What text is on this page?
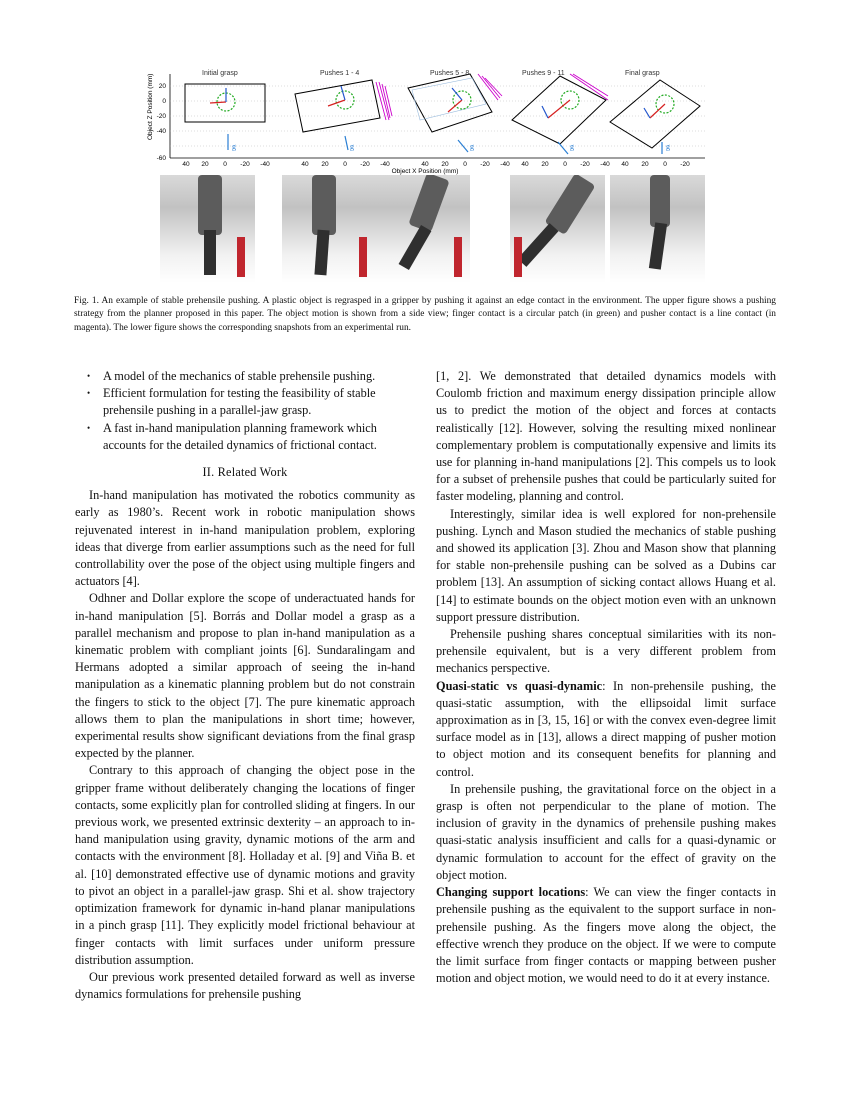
20
0
-20
-40
-60
Object Z Position (mm)
g	g	g	g	g
40 20 0 -20 -40	40 20 0 -20 -40	40 20 0 -20 -40 40 20 0 -20 -40 40 20 0 -20
Object X Position (mm)
Initial grasp	Pushes 1 - 4	Pushes 5 - 8	Pushes 9 - 11	Final grasp
Fig. 1. An example of stable prehensile pushing. A plastic object is regrasped in a gripper by pushing it against an edge contact in the environment. The upper figure shows a pushing strategy from the planner proposed in this paper. The object motion is shown from a side view; finger contact is a circular patch (in green) and pusher contact is a line contact (in magenta). The lower figure shows the corresponding snapshots from an experimental run.
• A model of the mechanics of stable prehensile pushing.
• Efficient formulation for testing the feasibility of stable prehensile pushing in a parallel-jaw grasp.
• A fast in-hand manipulation planning framework which accounts for the detailed dynamics of frictional contact.
II. Related Work

In-hand manipulation has motivated the robotics community as early as 1980’s. Recent work in robotic manipulation shows rejuvenated interest in in-hand manipulation problem, exploring ideas that diverge from earlier assumptions such as the need for full controllability over the pose of the object using multiple fingers and actuators [4].

Odhner and Dollar explore the scope of underactuated hands for in-hand manipulation [5]. Borrás and Dollar model a grasp as a parallel mechanism and propose to plan in-hand manipulation as a kinematic problem with compliant joints [6]. Sundaralingam and Hermans adopted a similar approach of seeing the in-hand manipulation as a kinematic planning problem but do not constrain the fingers to stick to the object [7]. The pure kinematic approach allows them to plan the manipulations in short time; however, experimental results show significant deviations from the final grasp expected by the planner.

Contrary to this approach of changing the object pose in the gripper frame without deliberately changing the locations of finger contacts, some explicitly plan for controlled sliding at fingers. In our previous work, we presented extrinsic dexterity – an approach to in-hand manipulation using gravity, dynamic motions of the arm and contacts with the environment [8]. Holladay et al. [9] and Viña B. et al. [10] demonstrated effective use of dynamic motions and gravity to pivot an object in a parallel-jaw grasp. Shi et al. show trajectory optimization framework for dynamic in-hand planar manipulations in a pinch grasp [11]. They explicitly model frictional behaviour at finger contacts with limit surfaces under uniform pressure distribution assumption.

Our previous work presented detailed forward as well as inverse dynamics formulations for prehensile pushing

[1, 2]. We demonstrated that detailed dynamics models with Coulomb friction and maximum energy dissipation principle allow us to predict the motion of the object and forces at contacts realistically [12]. However, solving the resulting mixed nonlinear complementary problem is computationally expensive and limits its use for planning in-hand manipulations [2]. This compels us to look for a subset of prehensile pushes that could be particularly suited for faster modeling, planning and control.

Interestingly, similar idea is well explored for non-prehensile pushing. Lynch and Mason studied the mechanics of stable pushing and showed its application [3]. Zhou and Mason show that planning for stable non-prehensile pushing can be solved as a Dubins car problem [13]. An assumption of sicking contact allows Huang et al. [14] to estimate bounds on the object motion even with an unknown support pressure distribution.

Prehensile pushing shares conceptual similarities with its non-prehensile equivalent, but is a very different problem from mechanics perspective.

Quasi-static vs quasi-dynamic: In non-prehensile pushing, the quasi-static assumption, with the ellipsoidal limit surface approximation as in [3, 15, 16] or with the convex even-degree limit surface model as in [13], allows a direct mapping of pusher motion to object motion and its consequent benefits for planning and control.

In prehensile pushing, the gravitational force on the object in a grasp is often not perpendicular to the plane of motion. The inclusion of gravity in the dynamics of prehensile pushing makes quasi-static analysis insufficient and calls for a quasi-dynamic or dynamic formulation to account for the effect of gravity on the object motion.

Changing support locations: We can view the finger contacts in prehensile pushing as the equivalent to the support surface in non-prehensile pushing. As the fingers move along the object, the effective wrench they produce on the object. If we were to compute the limit surface from finger contacts or mapping between pusher motion and object motion, we would need to do it at every instance.
